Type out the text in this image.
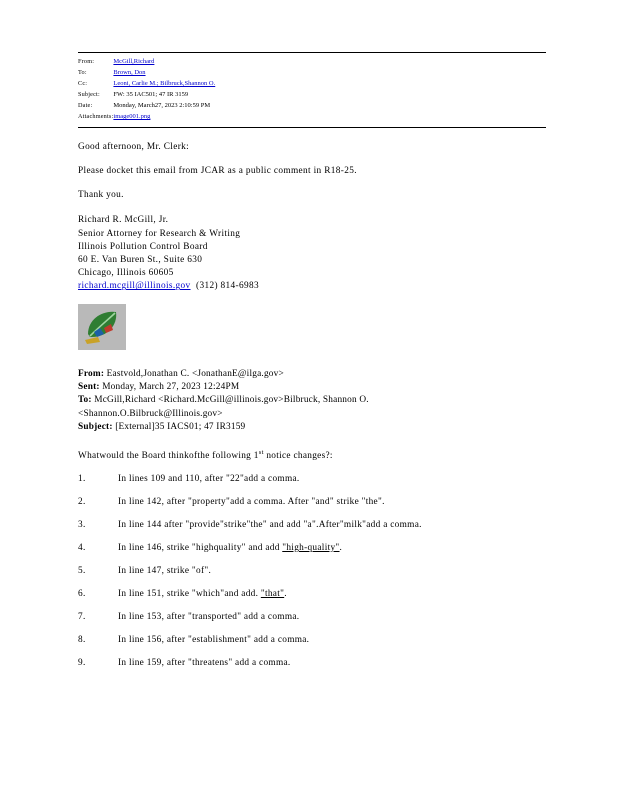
From:	McGill,Richard
To:	Brown, Don
Cc:	Leoni, Carlie M.; Bilbruck,Shannon O.
Subject:	FW: 35 IAC501; 47 IR 3159
Date:	Monday, March27, 2023 2:10:59 PM
Attachments:	image001.png

Good afternoon, Mr. Clerk:

Please docket this email from JCAR as a public comment in R18-25.

Thank you.

Richard R. McGill, Jr.
Senior Attorney for Research & Writing
Illinois Pollution Control Board
60 E. Van Buren St., Suite 630
Chicago, Illinois 60605
richard.mcgill@illinois.gov (312) 814-6983
From: Eastvold,Jonathan C. <JonathanE@ilga.gov>
Sent: Monday, March 27, 2023 12:24PM
To: McGill,Richard <Richard.McGill@illinois.gov>Bilbruck, Shannon O.
<Shannon.O.Bilbruck@Illinois.gov>
Subject: [External]35 IACS01; 47 IR3159
Whatwould the Board thinkofthe following 1st notice changes?:
1.	In lines 109 and 110, after "22"add a comma.
2.	In line 142, after "property"add a comma. After "and" strike "the".
3.	In line 144 after "provide"strike"the" and add "a".After"milk"add a comma.
4.	In line 146, strike "highquality" and add "high-quality".
5.	In line 147, strike "of".
6.	In line 151, strike "which"and add. "that".
7.	In line 153, after "transported" add a comma.
8.	In line 156, after "establishment" add a comma.
9.	In line 159, after "threatens" add a comma.
